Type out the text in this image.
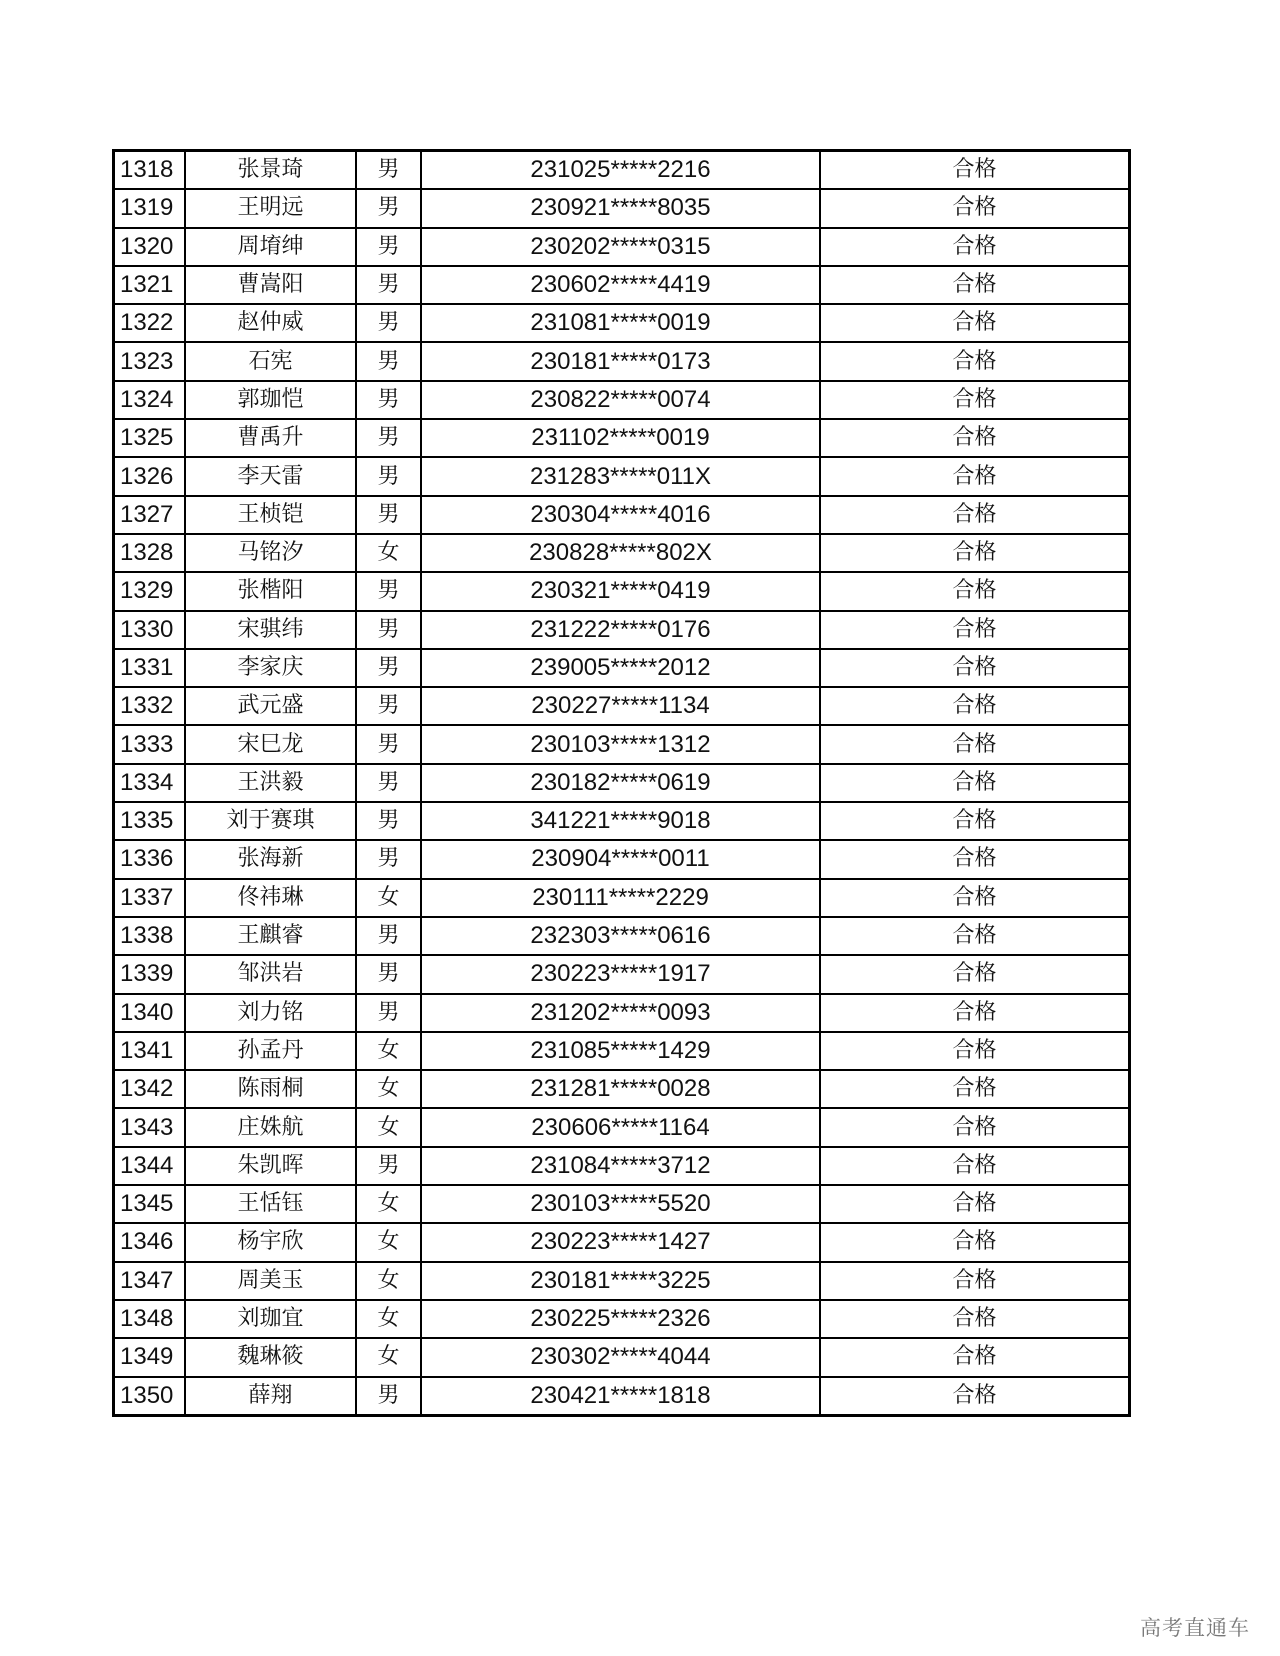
1318	张景琦	男	231025*****2216	合格
1319	王明远	男	230921*****8035	合格
1320	周堉绅	男	230202*****0315	合格
1321	曹嵩阳	男	230602*****4419	合格
1322	赵仲威	男	231081*****0019	合格
1323	石宪	男	230181*****0173	合格
1324	郭珈恺	男	230822*****0074	合格
1325	曹禹升	男	231102*****0019	合格
1326	李天雷	男	231283*****011X	合格
1327	王桢铠	男	230304*****4016	合格
1328	马铭汐	女	230828*****802X	合格
1329	张楷阳	男	230321*****0419	合格
1330	宋骐纬	男	231222*****0176	合格
1331	李家庆	男	239005*****2012	合格
1332	武元盛	男	230227*****1134	合格
1333	宋巳龙	男	230103*****1312	合格
1334	王洪毅	男	230182*****0619	合格
1335	刘于赛琪	男	341221*****9018	合格
1336	张海新	男	230904*****0011	合格
1337	佟祎琳	女	230111*****2229	合格
1338	王麒睿	男	232303*****0616	合格
1339	邹洪岩	男	230223*****1917	合格
1340	刘力铭	男	231202*****0093	合格
1341	孙孟丹	女	231085*****1429	合格
1342	陈雨桐	女	231281*****0028	合格
1343	庄姝航	女	230606*****1164	合格
1344	朱凯晖	男	231084*****3712	合格
1345	王恬钰	女	230103*****5520	合格
1346	杨宇欣	女	230223*****1427	合格
1347	周美玉	女	230181*****3225	合格
1348	刘珈宜	女	230225*****2326	合格
1349	魏琳筱	女	230302*****4044	合格
1350	薛翔	男	230421*****1818	合格
高考直通车
